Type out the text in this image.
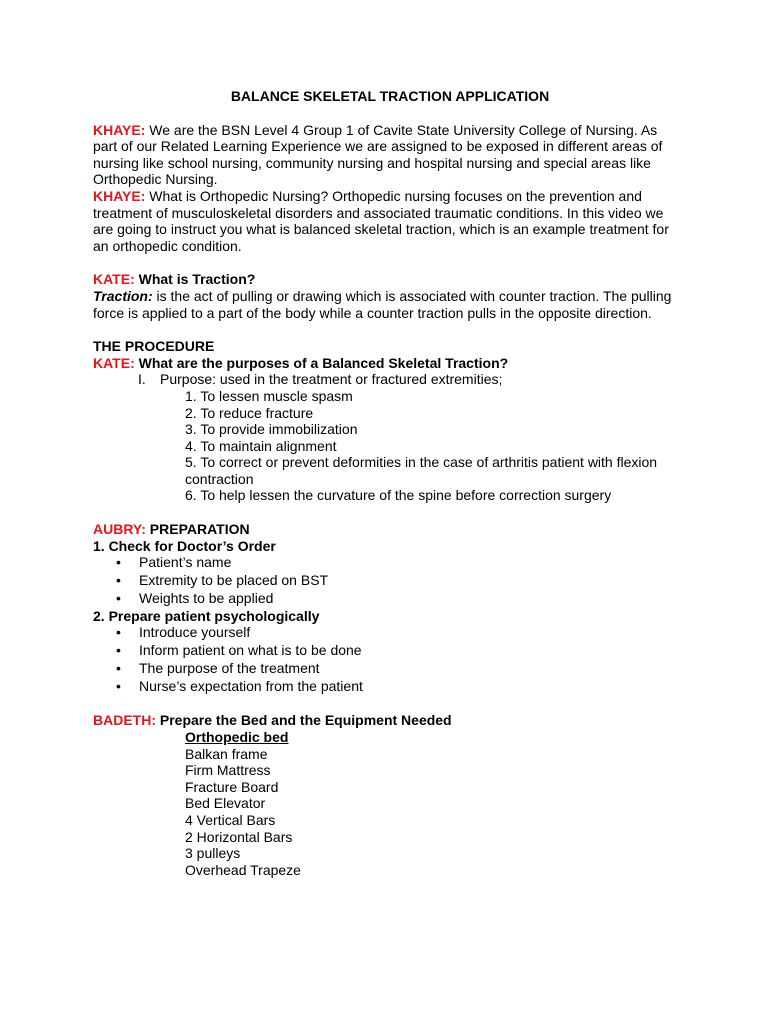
BALANCE SKELETAL TRACTION APPLICATION

KHAYE: We are the BSN Level 4 Group 1 of Cavite State University College of Nursing. As part of our Related Learning Experience we are assigned to be exposed in different areas of nursing like school nursing, community nursing and hospital nursing and special areas like Orthopedic Nursing.

KHAYE: What is Orthopedic Nursing? Orthopedic nursing focuses on the prevention and treatment of musculoskeletal disorders and associated traumatic conditions. In this video we are going to instruct you what is balanced skeletal traction, which is an example treatment for an orthopedic condition.

KATE: What is Traction?

Traction: is the act of pulling or drawing which is associated with counter traction. The pulling force is applied to a part of the body while a counter traction pulls in the opposite direction.

THE PROCEDURE

KATE: What are the purposes of a Balanced Skeletal Traction?

I. Purpose: used in the treatment or fractured extremities;

1. To lessen muscle spasm
2. To reduce fracture
3. To provide immobilization
4. To maintain alignment
5. To correct or prevent deformities in the case of arthritis patient with flexion contraction
6. To help lessen the curvature of the spine before correction surgery

AUBRY: PREPARATION

1. Check for Doctor’s Order

• Patient’s name
• Extremity to be placed on BST
• Weights to be applied

2. Prepare patient psychologically

• Introduce yourself
• Inform patient on what is to be done
• The purpose of the treatment
• Nurse’s expectation from the patient

BADETH: Prepare the Bed and the Equipment Needed

Orthopedic bed

Balkan frame

Firm Mattress

Fracture Board

Bed Elevator

4 Vertical Bars

2 Horizontal Bars

3 pulleys

Overhead Trapeze
